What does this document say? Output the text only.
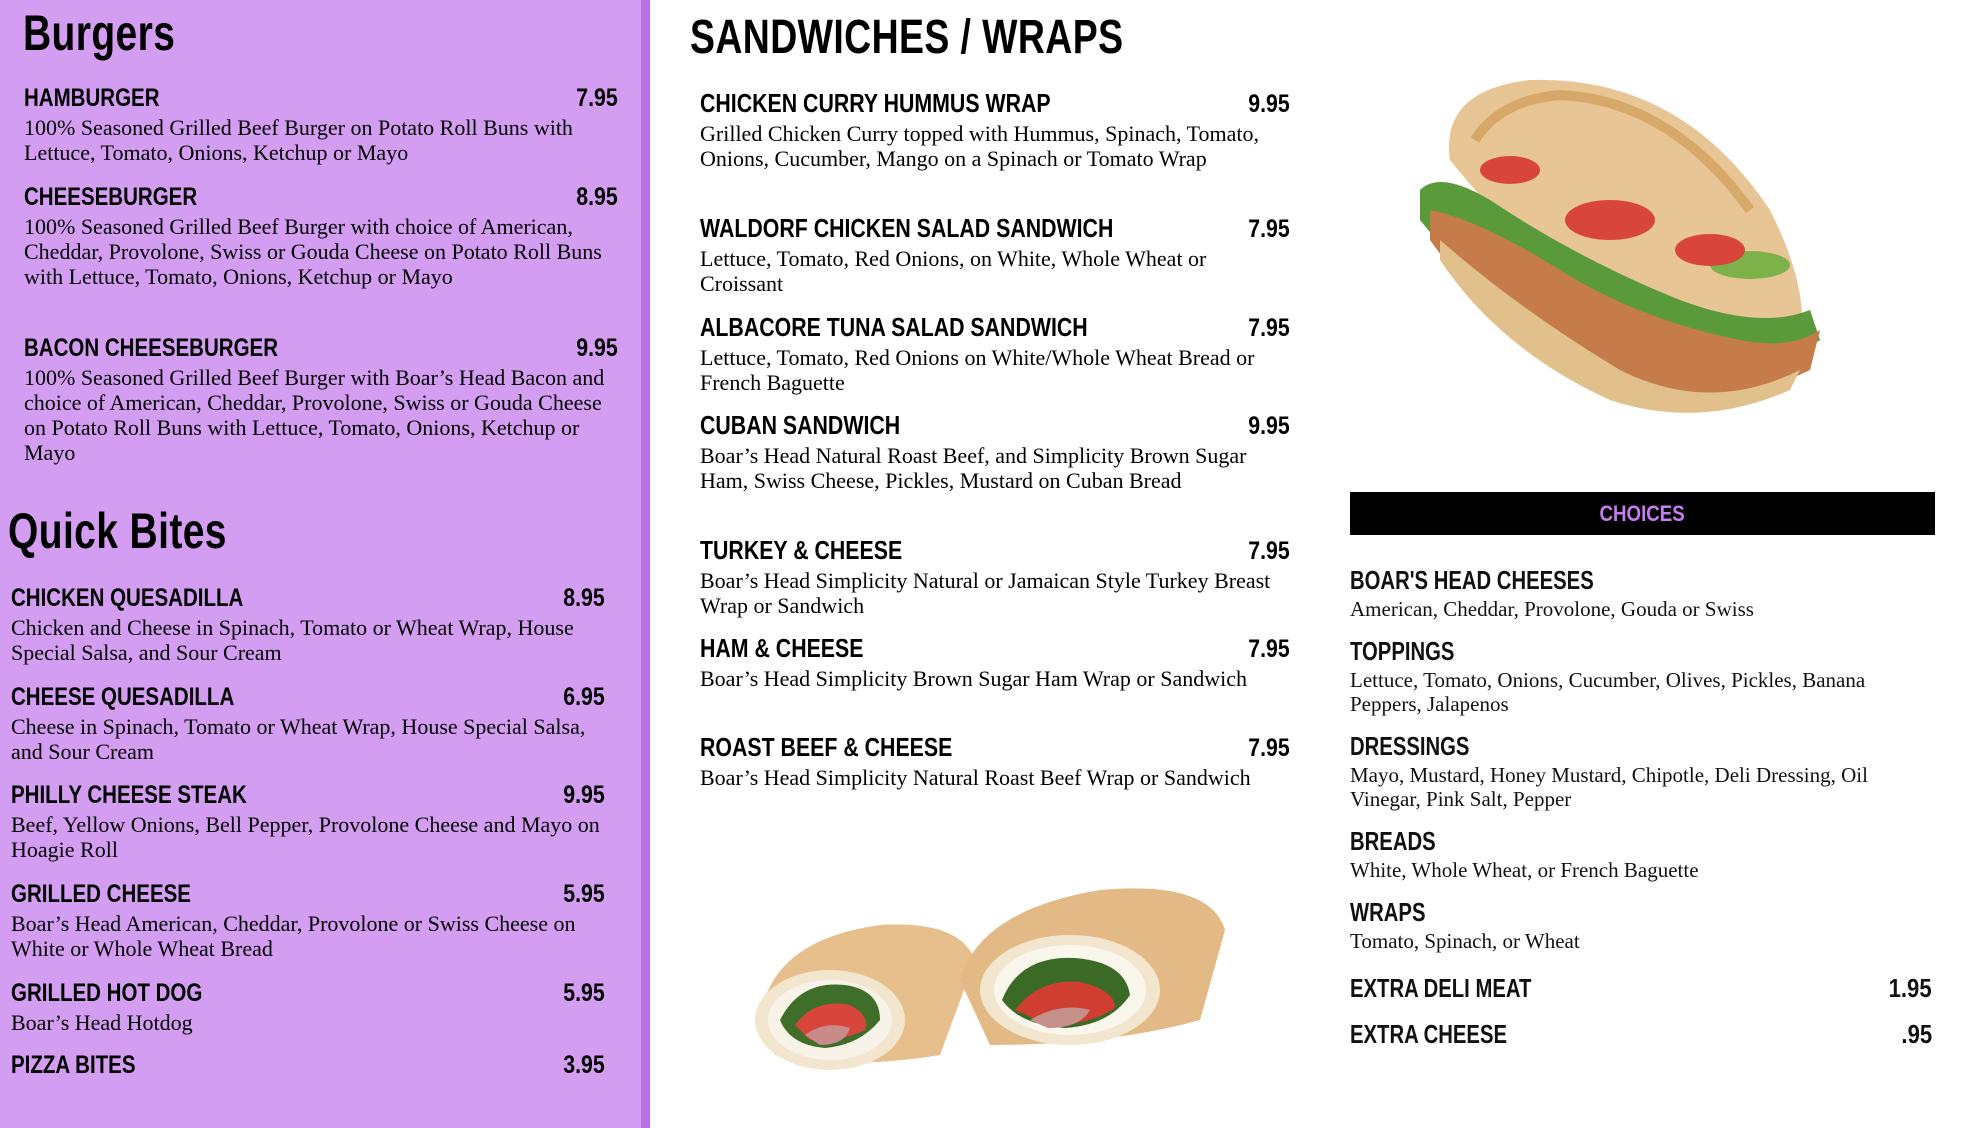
Burgers
HAMBURGER	7.95
100% Seasoned Grilled Beef Burger on Potato Roll Buns with Lettuce, Tomato, Onions, Ketchup or Mayo
CHEESEBURGER	8.95
100% Seasoned Grilled Beef Burger with choice of American, Cheddar, Provolone, Swiss or Gouda Cheese on Potato Roll Buns with Lettuce, Tomato, Onions, Ketchup or Mayo
BACON CHEESEBURGER	9.95
100% Seasoned Grilled Beef Burger with Boar’s Head Bacon and choice of American, Cheddar, Provolone, Swiss or Gouda Cheese on Potato Roll Buns with Lettuce, Tomato, Onions, Ketchup or Mayo
Quick Bites
CHICKEN QUESADILLA	8.95
Chicken and Cheese in Spinach, Tomato or Wheat Wrap, House Special Salsa, and Sour Cream
CHEESE QUESADILLA	6.95
Cheese in Spinach, Tomato or Wheat Wrap, House Special Salsa, and Sour Cream
PHILLY CHEESE STEAK	9.95
Beef, Yellow Onions, Bell Pepper, Provolone Cheese and Mayo on Hoagie Roll
GRILLED CHEESE	5.95
Boar’s Head American, Cheddar, Provolone or Swiss Cheese on White or Whole Wheat Bread
GRILLED HOT DOG	5.95
Boar’s Head Hotdog
PIZZA BITES	3.95
SANDWICHES / WRAPS
CHICKEN CURRY HUMMUS WRAP	9.95
Grilled Chicken Curry topped with Hummus, Spinach, Tomato, Onions, Cucumber, Mango on a Spinach or Tomato Wrap
WALDORF CHICKEN SALAD SANDWICH	7.95
Lettuce, Tomato, Red Onions, on White, Whole Wheat or Croissant
ALBACORE TUNA SALAD SANDWICH	7.95
Lettuce, Tomato, Red Onions on White/Whole Wheat Bread or French Baguette
CUBAN SANDWICH	9.95
Boar’s Head Natural Roast Beef, and Simplicity Brown Sugar Ham, Swiss Cheese, Pickles, Mustard on Cuban Bread
TURKEY & CHEESE	7.95
Boar’s Head Simplicity Natural or Jamaican Style Turkey Breast Wrap or Sandwich
HAM & CHEESE	7.95
Boar’s Head Simplicity Brown Sugar Ham Wrap or Sandwich
ROAST BEEF & CHEESE	7.95
Boar’s Head Simplicity Natural Roast Beef Wrap or Sandwich
CHOICES
BOAR'S HEAD CHEESES
American, Cheddar, Provolone, Gouda or Swiss
TOPPINGS
Lettuce, Tomato, Onions, Cucumber, Olives, Pickles, Banana Peppers, Jalapenos
DRESSINGS
Mayo, Mustard, Honey Mustard, Chipotle, Deli Dressing, Oil Vinegar, Pink Salt, Pepper
BREADS
White, Whole Wheat, or French Baguette
WRAPS
Tomato, Spinach, or Wheat
EXTRA DELI MEAT	1.95
EXTRA CHEESE	.95
